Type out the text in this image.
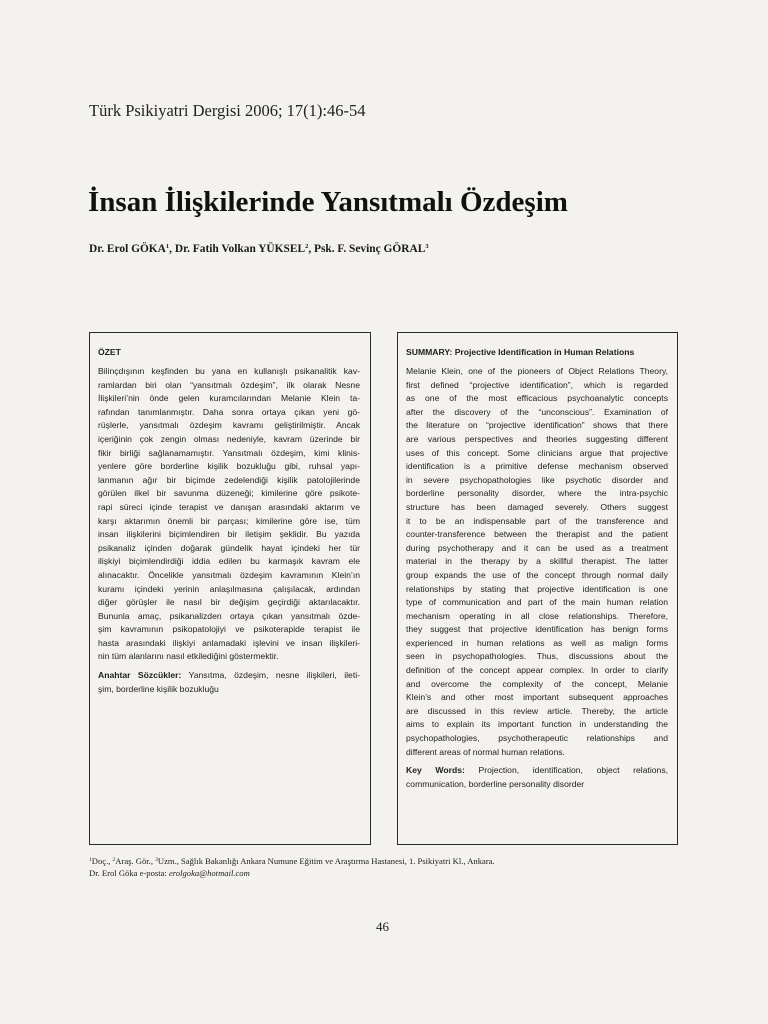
Türk Psikiyatri Dergisi 2006; 17(1):46-54
İnsan İlişkilerinde Yansıtmalı Özdeşim
Dr. Erol GÖKA$^1$, Dr. Fatih Volkan YÜKSEL$^2$, Psk. F. Sevinç GÖRAL$^3$
ÖZET
Bilinçdışının keşfinden bu yana en kullanışlı psikanalitik kav-
ramlardan biri olan “yansıtmalı özdeşim”, ilk olarak Nesne
İlişkileri’nin önde gelen kuramcılarından Melanie Klein ta-
rafından tanımlanmıştır. Daha sonra ortaya çıkan yeni gö-
rüşlerle, yansıtmalı özdeşim kavramı geliştirilmiştir. Ancak
içeriğinin çok zengin olması nedeniyle, kavram üzerinde bir
fikir birliği sağlanamamıştır. Yansıtmalı özdeşim, kimi klinis-
yenlere göre borderline kişilik bozukluğu gibi, ruhsal yapı-
lanmanın ağır bir biçimde zedelendiği kişilik patolojilerinde
görülen ilkel bir savunma düzeneği; kimilerine göre psikote-
rapi süreci içinde terapist ve danışan arasındaki aktarım ve
karşı aktarımın önemli bir parçası; kimilerine göre ise, tüm
insan ilişkilerini biçimlendiren bir iletişim şeklidir. Bu yazıda
psikanaliz içinden doğarak gündelik hayat içindeki her tür
ilişkiyi biçimlendirdiği iddia edilen bu karmaşık kavram ele
alınacaktır. Öncelikle yansıtmalı özdeşim kavramının Klein’ın
kuramı içindeki yerinin anlaşılmasına çalışılacak, ardından
diğer görüşler ile nasıl bir değişim geçirdiği aktarılacaktır.
Bununla amaç, psikanalizden ortaya çıkan yansıtmalı özde-
şim kavramının psikopatolojiyi ve psikoterapide terapist ile
hasta arasındaki ilişkiyi anlamadaki işlevini ve insan ilişkileri-
nin tüm alanlarını nasıl etkilediğini göstermektir.
Anahtar Sözcükler: Yansıtma, özdeşim, nesne ilişkileri, ileti-
şim, borderline kişilik bozukluğu
SUMMARY: Projective Identification in Human Relations
Melanie Klein, one of the pioneers of Object Relations Theory,
first defined “projective identification”, which is regarded
as one of the most efficacious psychoanalytic concepts
after the discovery of the “unconscious”. Examination of
the literature on “projective identification” shows that there
are various perspectives and theories suggesting different
uses of this concept. Some clinicians argue that projective
identification is a primitive defense mechanism observed
in severe psychopathologies like psychotic disorder and
borderline personality disorder, where the intra-psychic
structure has been damaged severely. Others suggest
it to be an indispensable part of the transference and
counter-transference between the therapist and the patient
during psychotherapy and it can be used as a treatment
material in the therapy by a skillful therapist. The latter
group expands the use of the concept through normal daily
relationships by stating that projective identification is one
type of communication and part of the main human relation
mechanism operating in all close relationships. Therefore,
they suggest that projective identification has benign forms
experienced in human relations as well as malign forms
seen in psychopathologies. Thus, discussions about the
definition of the concept appear complex. In order to clarify
and overcome the complexity of the concept, Melanie
Klein’s and other most important subsequent approaches
are discussed in this review article. Thereby, the article
aims to explain its important function in understanding the
psychopathologies, psychotherapeutic relationships and
different areas of normal human relations.
Key Words: Projection, identification, object relations,
communication, borderline personality disorder
$^1$Doç., $^2$Araş. Gör., $^3$Uzm., Sağlık Bakanlığı Ankara Numune Eğitim ve Araştırma Hastanesi, 1. Psikiyatri Kl., Ankara.
Dr. Erol Göka e-posta: erolgoka@hotmail.com
46
